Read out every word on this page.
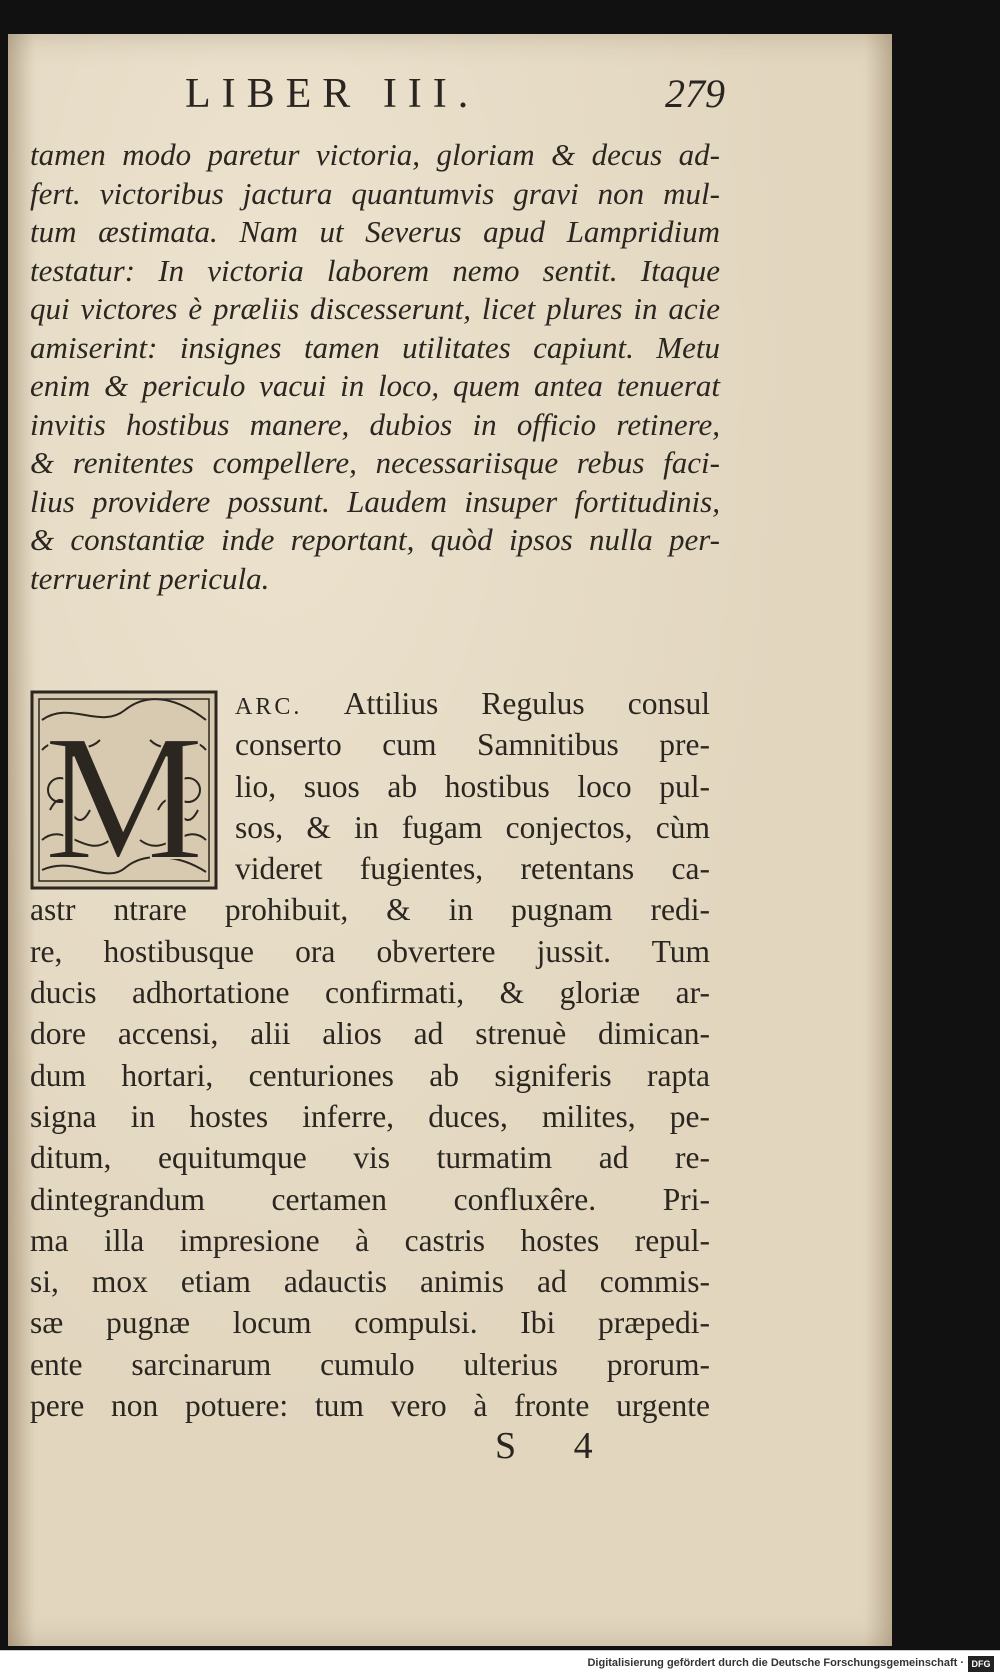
LIBER III.	279
tamen modo paretur victoria, gloriam & decus ad-
fert. victoribus jactura quantumvis gravi non mul-
tum æstimata. Nam ut Severus apud Lampridium
testatur: In victoria laborem nemo sentit. Itaque
qui victores è præliis discesserunt, licet plures in acie
amiserint: insignes tamen utilitates capiunt. Metu
enim & periculo vacui in loco, quem antea tenuerat
invitis hostibus manere, dubios in officio retinere,
& renitentes compellere, necessariisque rebus faci-
lius providere possunt. Laudem insuper fortitudinis,
& constantiæ inde reportant, quòd ipsos nulla per-
terruerint pericula.
M ARC. Attilius Regulus consul
conserto cum Samnitibus pre-
lio, suos ab hostibus loco pul-
sos, & in fugam conjectos, cùm
videret fugientes, retentans ca-
astr ntrare prohibuit, & in pugnam redi-
re, hostibusque ora obvertere jussit. Tum
ducis adhortatione confirmati, & gloriæ ar-
dore accensi, alii alios ad strenuè dimican-
dum hortari, centuriones ab signiferis rapta
signa in hostes inferre, duces, milites, pe-
ditum, equitumque vis turmatim ad re-
dintegrandum certamen confluxêre. Pri-
ma illa impresione à castris hostes repul-
si, mox etiam adauctis animis ad commis-
sæ pugnæ locum compulsi. Ibi præpedi-
ente sarcinarum cumulo ulterius prorum-
pere non potuere: tum vero à fronte urgente
S 4
Digitalisierung gefördert durch die Deutsche Forschungsgemeinschaft · DFG
